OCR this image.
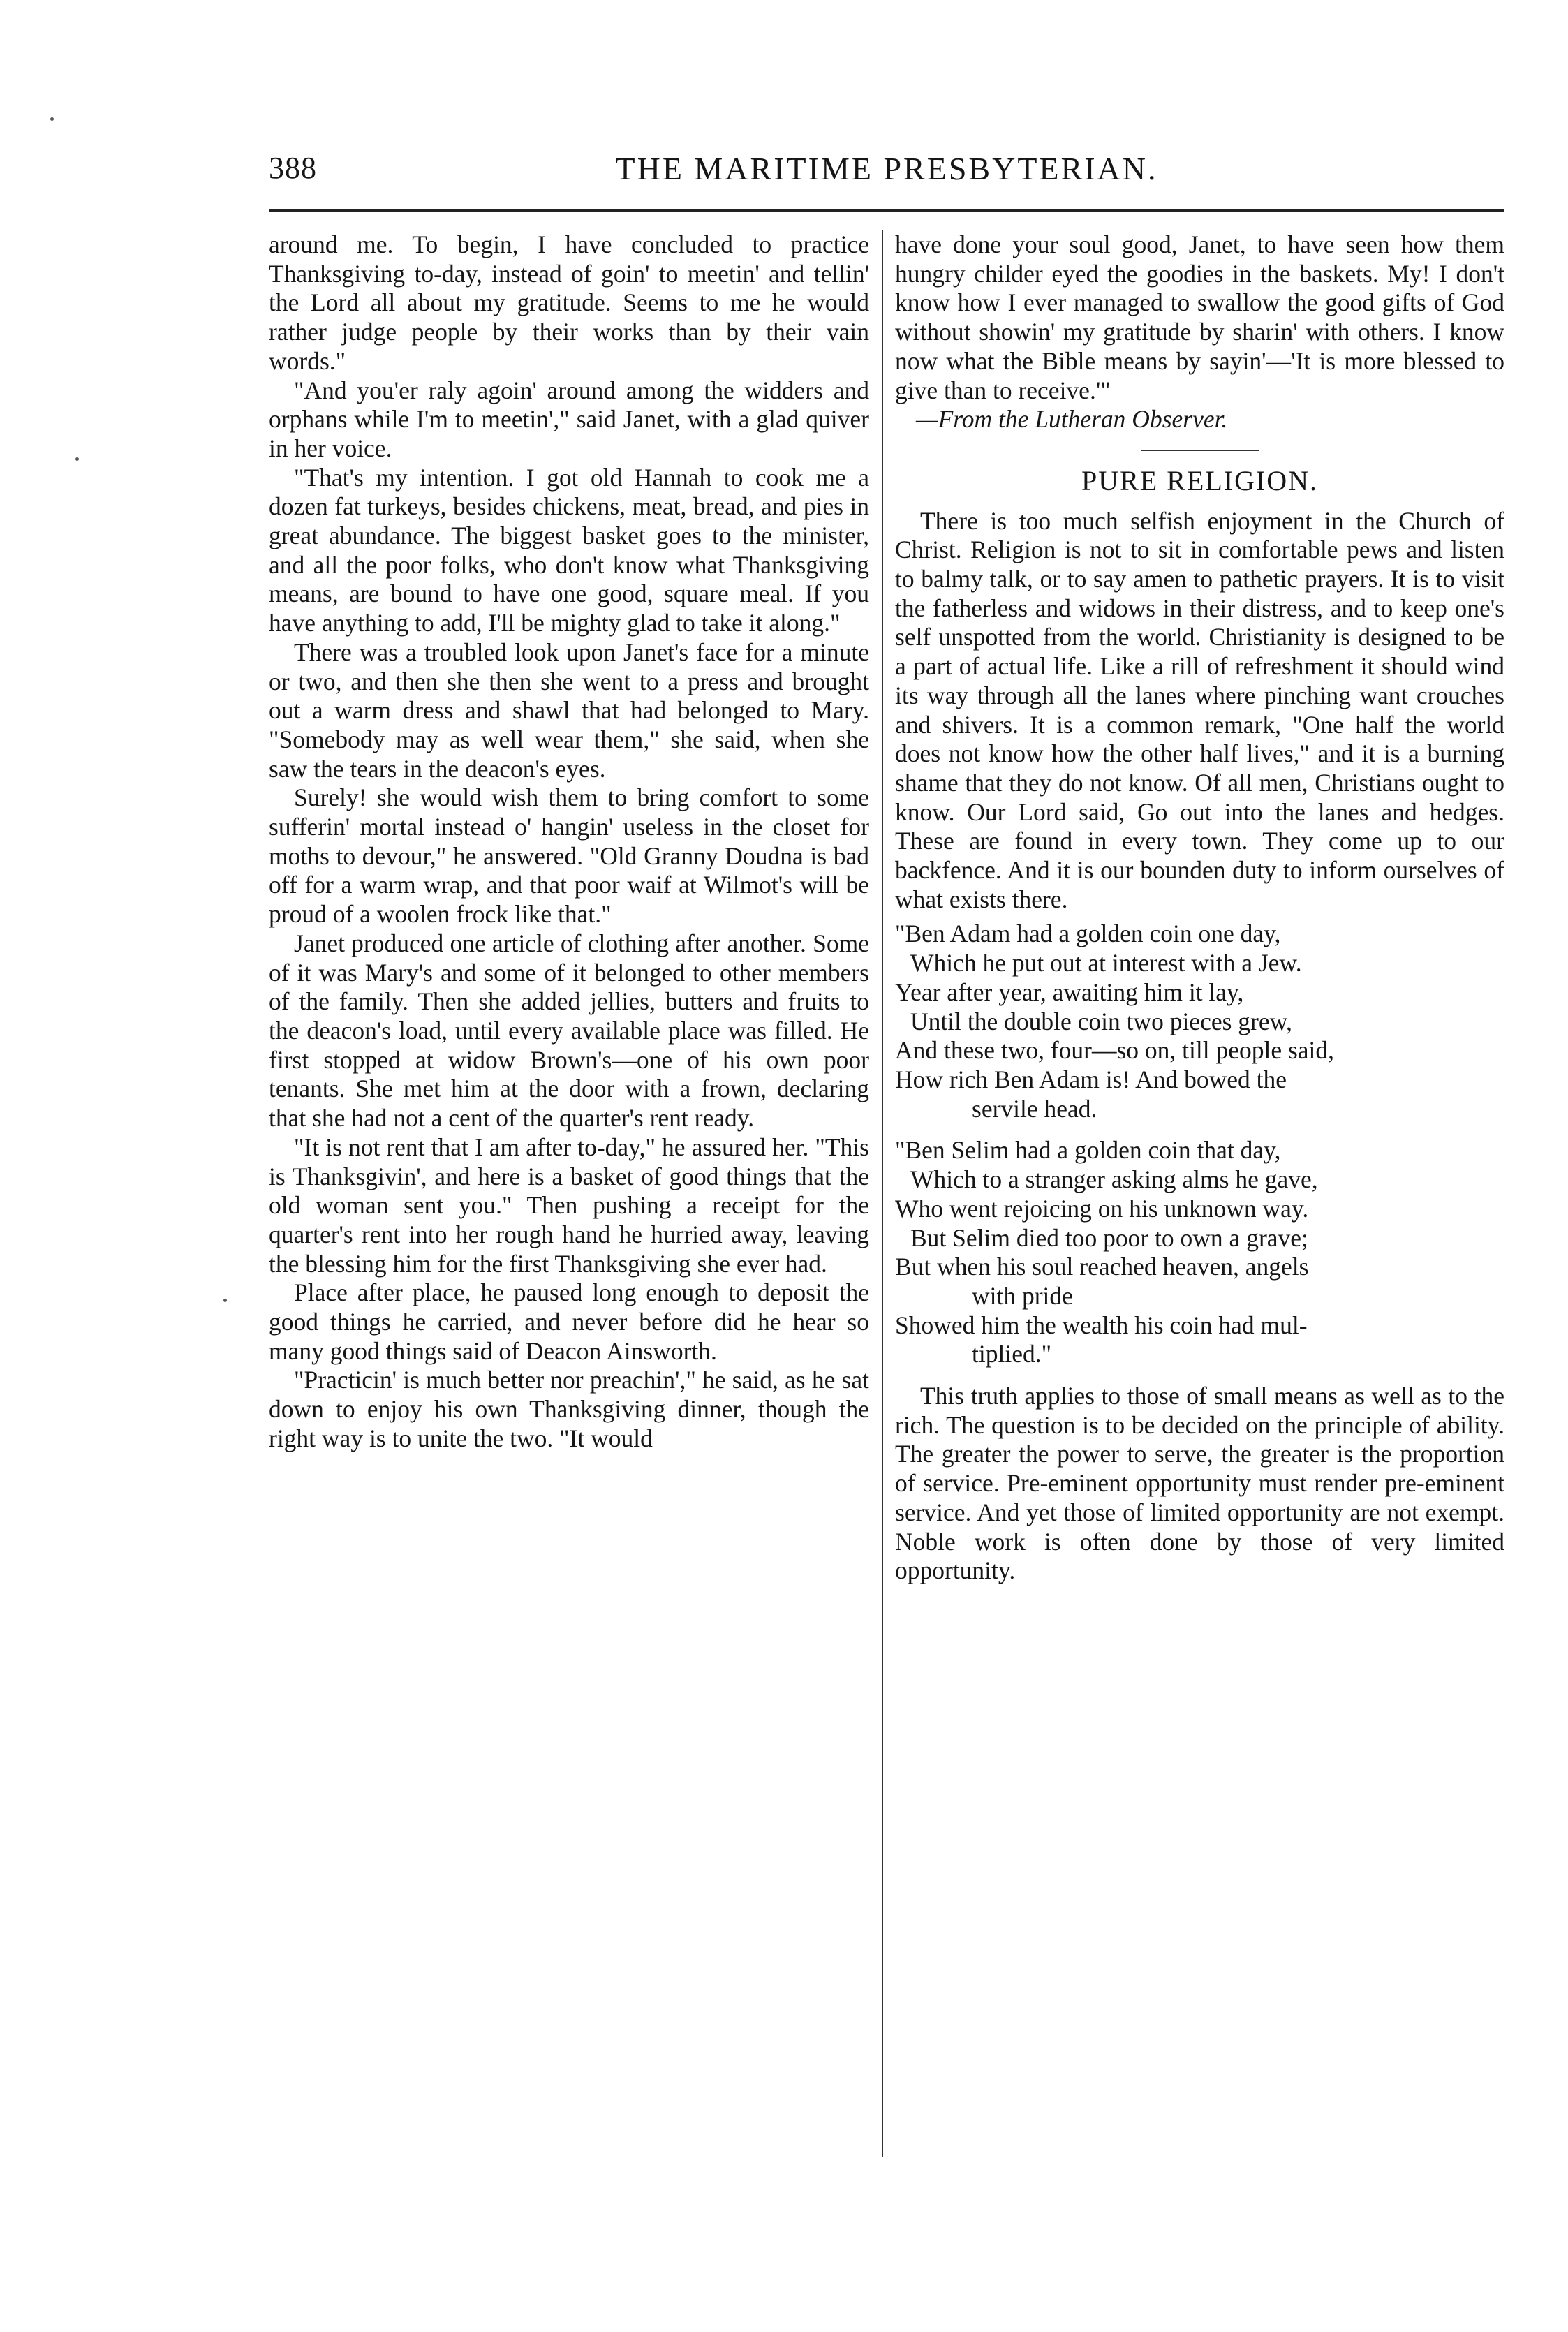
388	THE MARITIME PRESBYTERIAN.

around me. To begin, I have concluded to practice Thanksgiving to-day, instead of goin' to meetin' and tellin' the Lord all about my gratitude. Seems to me he would rather judge people by their works than by their vain words."

"And you'er raly agoin' around among the widders and orphans while I'm to meetin'," said Janet, with a glad quiver in her voice.

"That's my intention. I got old Hannah to cook me a dozen fat turkeys, besides chickens, meat, bread, and pies in great abundance. The biggest basket goes to the minister, and all the poor folks, who don't know what Thanksgiving means, are bound to have one good, square meal. If you have anything to add, I'll be mighty glad to take it along."

There was a troubled look upon Janet's face for a minute or two, and then she then she went to a press and brought out a warm dress and shawl that had belonged to Mary. "Somebody may as well wear them," she said, when she saw the tears in the deacon's eyes.

Surely! she would wish them to bring comfort to some sufferin' mortal instead o' hangin' useless in the closet for moths to devour," he answered. "Old Granny Doudna is bad off for a warm wrap, and that poor waif at Wilmot's will be proud of a woolen frock like that."

Janet produced one article of clothing after another. Some of it was Mary's and some of it belonged to other members of the family. Then she added jellies, butters and fruits to the deacon's load, until every available place was filled. He first stopped at widow Brown's—one of his own poor tenants. She met him at the door with a frown, declaring that she had not a cent of the quarter's rent ready.

"It is not rent that I am after to-day," he assured her. "This is Thanksgivin', and here is a basket of good things that the old woman sent you." Then pushing a receipt for the quarter's rent into her rough hand he hurried away, leaving the blessing him for the first Thanksgiving she ever had.

Place after place, he paused long enough to deposit the good things he carried, and never before did he hear so many good things said of Deacon Ainsworth.

"Practicin' is much better nor preachin'," he said, as he sat down to enjoy his own Thanksgiving dinner, though the right way is to unite the two. "It would

have done your soul good, Janet, to have seen how them hungry childer eyed the goodies in the baskets. My! I don't know how I ever managed to swallow the good gifts of God without showin' my gratitude by sharin' with others. I know now what the Bible means by sayin'—'It is more blessed to give than to receive.'"

—From the Lutheran Observer.

PURE RELIGION.

There is too much selfish enjoyment in the Church of Christ. Religion is not to sit in comfortable pews and listen to balmy talk, or to say amen to pathetic prayers. It is to visit the fatherless and widows in their distress, and to keep one's self unspotted from the world. Christianity is designed to be a part of actual life. Like a rill of refreshment it should wind its way through all the lanes where pinching want crouches and shivers. It is a common remark, "One half the world does not know how the other half lives," and it is a burning shame that they do not know. Of all men, Christians ought to know. Our Lord said, Go out into the lanes and hedges. These are found in every town. They come up to our backfence. And it is our bounden duty to inform ourselves of what exists there.

"Ben Adam had a golden coin one day,

Which he put out at interest with a Jew.

Year after year, awaiting him it lay,

Until the double coin two pieces grew,

And these two, four—so on, till people said,

How rich Ben Adam is! And bowed the

servile head.

"Ben Selim had a golden coin that day,

Which to a stranger asking alms he gave,

Who went rejoicing on his unknown way.

But Selim died too poor to own a grave;

But when his soul reached heaven, angels

with pride

Showed him the wealth his coin had mul-

tiplied."

This truth applies to those of small means as well as to the rich. The question is to be decided on the principle of ability. The greater the power to serve, the greater is the proportion of service. Pre-eminent opportunity must render pre-eminent service. And yet those of limited opportunity are not exempt. Noble work is often done by those of very limited opportunity.
